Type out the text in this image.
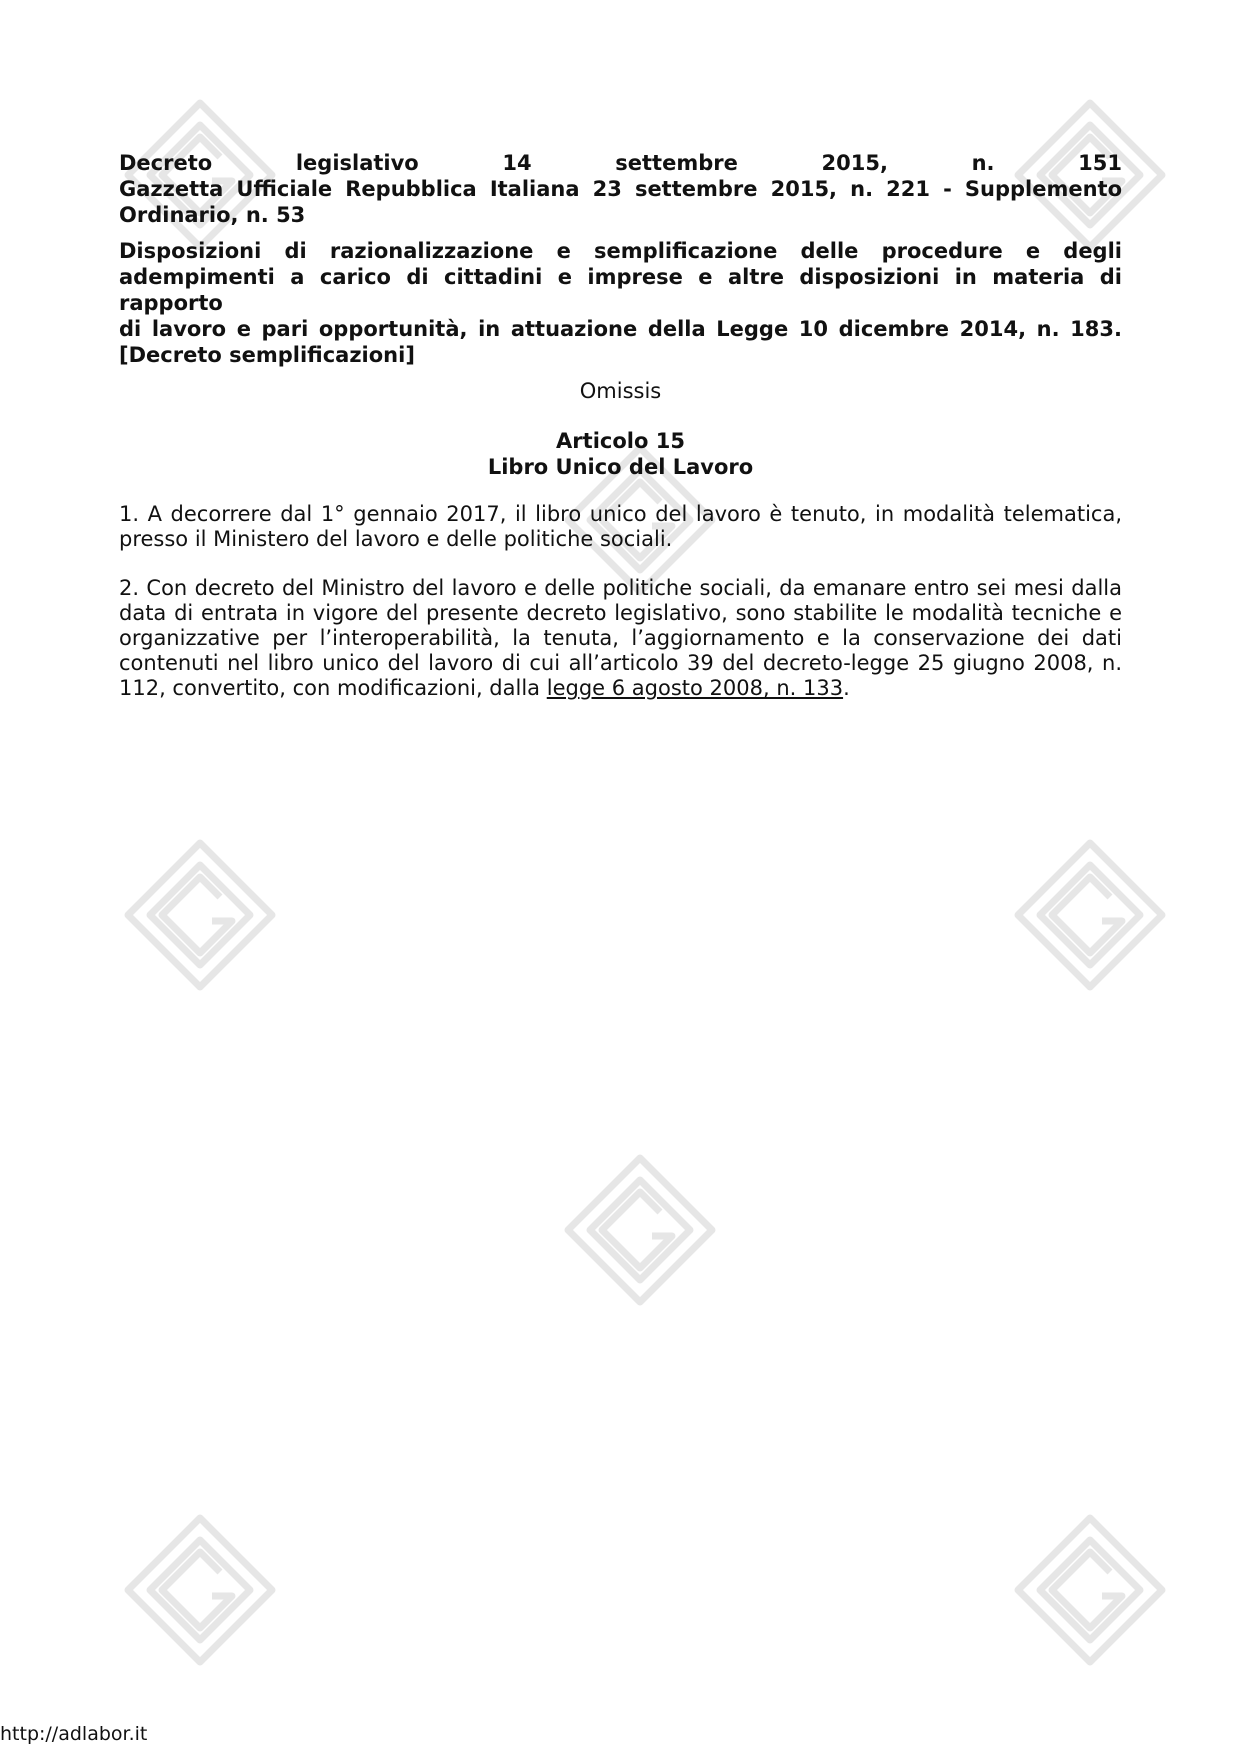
Decreto legislativo 14 settembre 2015, n. 151
Gazzetta Ufficiale Repubblica Italiana 23 settembre 2015, n. 221 - Supplemento
Ordinario, n. 53
Disposizioni di razionalizzazione e semplificazione delle procedure e degli
adempimenti a carico di cittadini e imprese e altre disposizioni in materia di rapporto
di lavoro e pari opportunità, in attuazione della Legge 10 dicembre 2014, n. 183.
[Decreto semplificazioni]
Omissis
Articolo 15
Libro Unico del Lavoro
1. A decorrere dal 1° gennaio 2017, il libro unico del lavoro è tenuto, in modalità telematica,
presso il Ministero del lavoro e delle politiche sociali.
2. Con decreto del Ministro del lavoro e delle politiche sociali, da emanare entro sei mesi dalla
data di entrata in vigore del presente decreto legislativo, sono stabilite le modalità tecniche e
organizzative per l’interoperabilità, la tenuta, l’aggiornamento e la conservazione dei dati
contenuti nel libro unico del lavoro di cui all’articolo 39 del decreto-legge 25 giugno 2008, n.
112, convertito, con modificazioni, dalla legge 6 agosto 2008, n. 133.
http://adlabor.it
